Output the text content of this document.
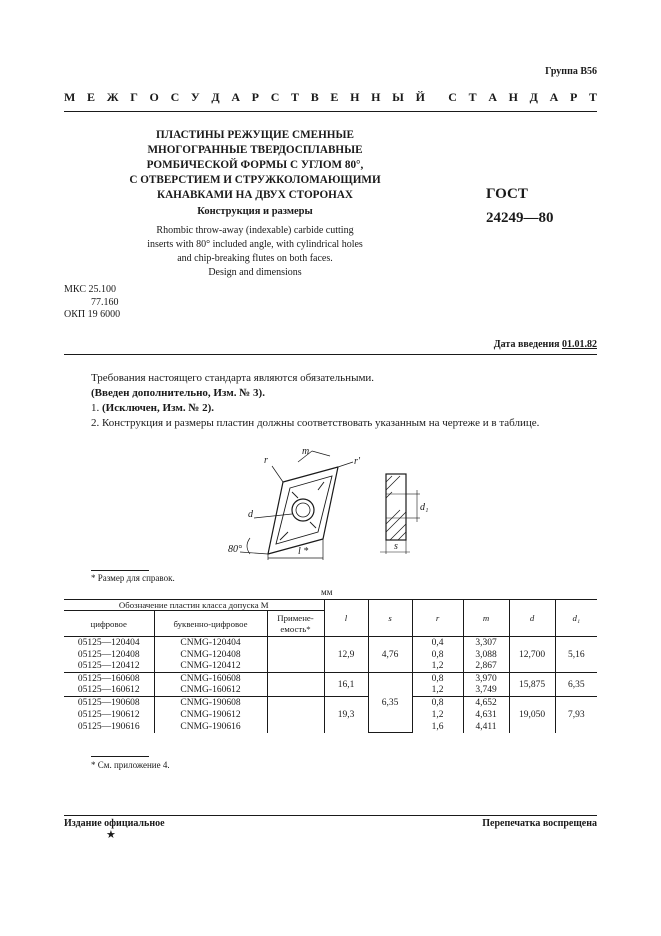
Группа В56
М Е Ж Г О С У Д А Р С Т В Е Н Н Ы Й С Т А Н Д А Р Т
ПЛАСТИНЫ РЕЖУЩИЕ СМЕННЫЕ
МНОГОГРАННЫЕ ТВЕРДОСПЛАВНЫЕ
РОМБИЧЕСКОЙ ФОРМЫ С УГЛОМ 80°,
С ОТВЕРСТИЕМ И СТРУЖКОЛОМАЮЩИМИ
КАНАВКАМИ НА ДВУХ СТОРОНАХ
Конструкция и размеры
Rhombic throw-away (indexable) carbide cutting
inserts with 80° included angle, with cylindrical holes
and chip-breaking flutes on both faces.
Design and dimensions
ГОСТ
24249—80
МКС 25.100
77.160
ОКП 19 6000
Дата введения 01.01.82
Требования настоящего стандарта являются обязательными.
(Введен дополнительно, Изм. № 3).
1. (Исключен, Изм. № 2).
2. Конструкция и размеры пластин должны соответствовать указанным на чертеже и в таблице.
r
m
r'
d
80°	l *
d₁
s
* Размер для справок.
мм
Обозначение пластин класса допуска М			l	s	r	m	d	d₁
цифровое	буквенно-цифровое	Примене-
емость*						
05125—120404	CNMG-120404		12,9	4,76	0,4	3,307	12,700	5,16
05125—120408	CNMG-120408				0,8	3,088		
05125—120412	CNMG-120412				1,2	2,867		
05125—160608	CNMG-160608		16,1	6,35	0,8	3,970	15,875	6,35
05125—160612	CNMG-160612				1,2	3,749		
05125—190608	CNMG-190608		19,3		0,8	4,652	19,050	7,93
05125—190612	CNMG-190612				1,2	4,631		
05125—190616	CNMG-190616				1,6	4,411		
* См. приложение 4.
Издание официальное
★
Перепечатка воспрещена
